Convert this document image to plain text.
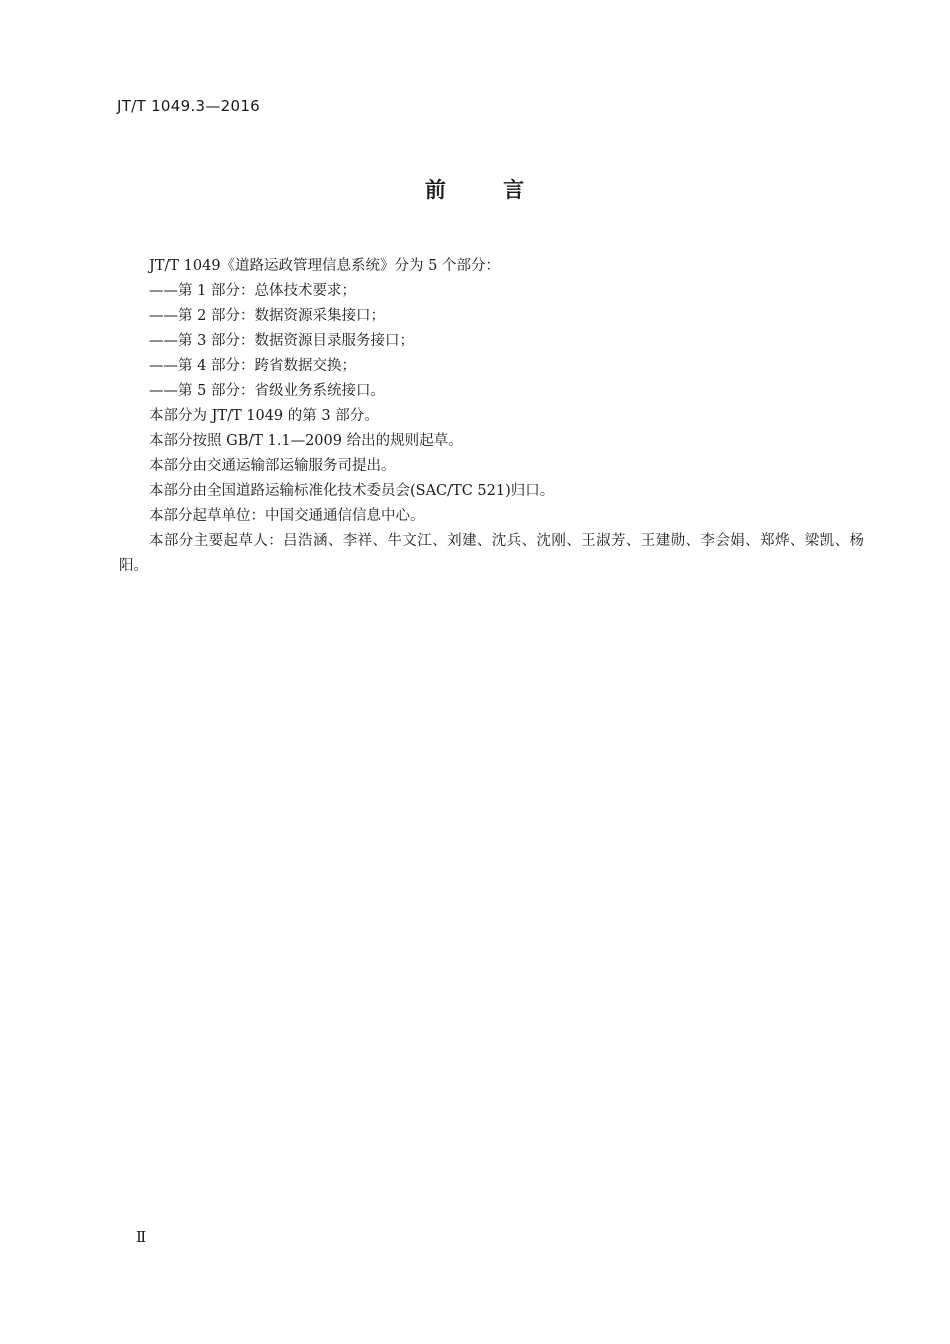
JT/T 1049.3—2016
前 言
JT/T 1049《道路运政管理信息系统》分为 5 个部分：
——第 1 部分：总体技术要求；
——第 2 部分：数据资源采集接口；
——第 3 部分：数据资源目录服务接口；
——第 4 部分：跨省数据交换；
——第 5 部分：省级业务系统接口。
本部分为 JT/T 1049 的第 3 部分。
本部分按照 GB/T 1.1—2009 给出的规则起草。
本部分由交通运输部运输服务司提出。
本部分由全国道路运输标准化技术委员会(SAC/TC 521)归口。
本部分起草单位：中国交通通信信息中心。
本部分主要起草人：吕浩涵、李祥、牛文江、刘建、沈兵、沈刚、王淑芳、王建勋、李会娟、郑烨、梁凯、杨阳。
Ⅱ
